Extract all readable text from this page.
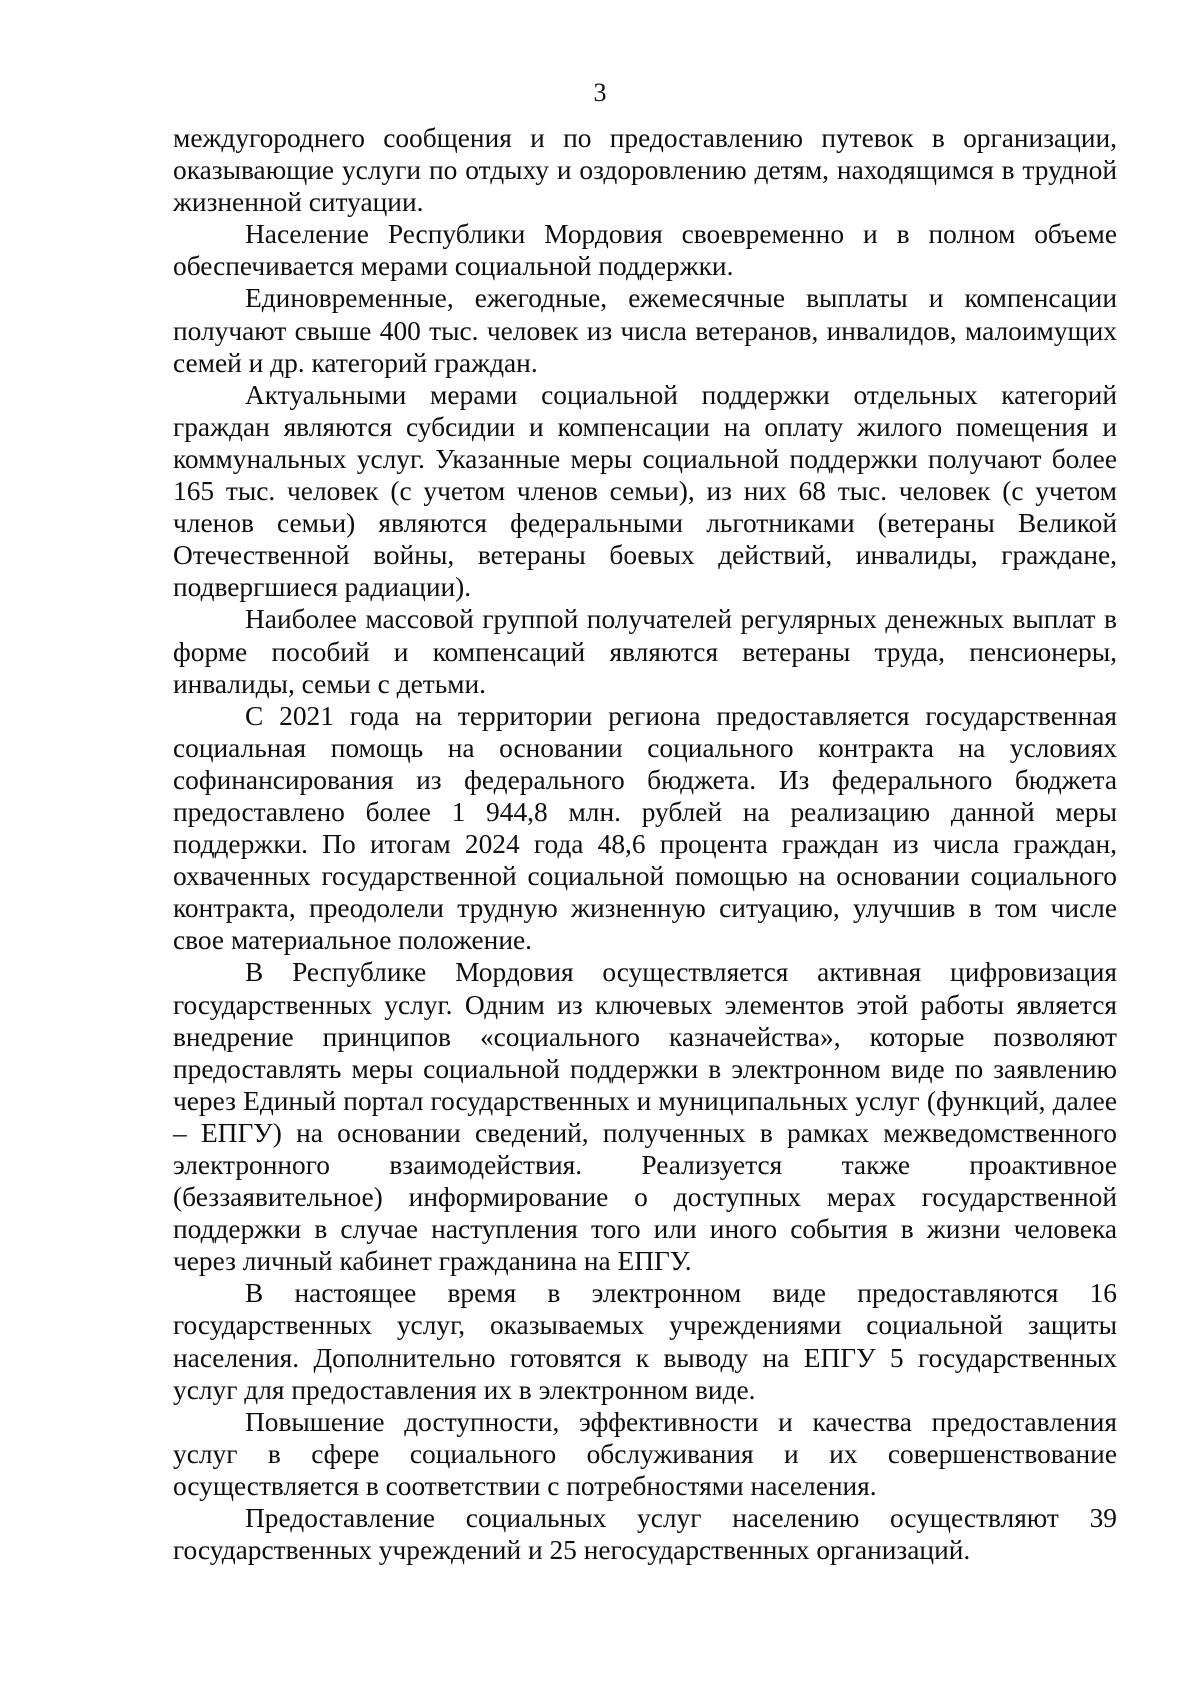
3

междугороднего сообщения и по предоставлению путевок в организации, оказывающие услуги по отдыху и оздоровлению детям, находящимся в трудной жизненной ситуации.

Население Республики Мордовия своевременно и в полном объеме обеспечивается мерами социальной поддержки.

Единовременные, ежегодные, ежемесячные выплаты и компенсации получают свыше 400 тыс. человек из числа ветеранов, инвалидов, малоимущих семей и др. категорий граждан.

Актуальными мерами социальной поддержки отдельных категорий граждан являются субсидии и компенсации на оплату жилого помещения и коммунальных услуг. Указанные меры социальной поддержки получают более 165 тыс. человек (с учетом членов семьи), из них 68 тыс. человек (с учетом членов семьи) являются федеральными льготниками (ветераны Великой Отечественной войны, ветераны боевых действий, инвалиды, граждане, подвергшиеся радиации).

Наиболее массовой группой получателей регулярных денежных выплат в форме пособий и компенсаций являются ветераны труда, пенсионеры, инвалиды, семьи с детьми.

С 2021 года на территории региона предоставляется государственная социальная помощь на основании социального контракта на условиях софинансирования из федерального бюджета. Из федерального бюджета предоставлено более 1 944,8 млн. рублей на реализацию данной меры поддержки. По итогам 2024 года 48,6 процента граждан из числа граждан, охваченных государственной социальной помощью на основании социального контракта, преодолели трудную жизненную ситуацию, улучшив в том числе свое материальное положение.

В Республике Мордовия осуществляется активная цифровизация государственных услуг. Одним из ключевых элементов этой работы является внедрение принципов «социального казначейства», которые позволяют предоставлять меры социальной поддержки в электронном виде по заявлению через Единый портал государственных и муниципальных услуг (функций, далее – ЕПГУ) на основании сведений, полученных в рамках межведомственного электронного взаимодействия. Реализуется также проактивное (беззаявительное) информирование о доступных мерах государственной поддержки в случае наступления того или иного события в жизни человека через личный кабинет гражданина на ЕПГУ.

В настоящее время в электронном виде предоставляются 16 государственных услуг, оказываемых учреждениями социальной защиты населения. Дополнительно готовятся к выводу на ЕПГУ 5 государственных услуг для предоставления их в электронном виде.

Повышение доступности, эффективности и качества предоставления услуг в сфере социального обслуживания и их совершенствование осуществляется в соответствии с потребностями населения.

Предоставление социальных услуг населению осуществляют 39 государственных учреждений и 25 негосударственных организаций.
